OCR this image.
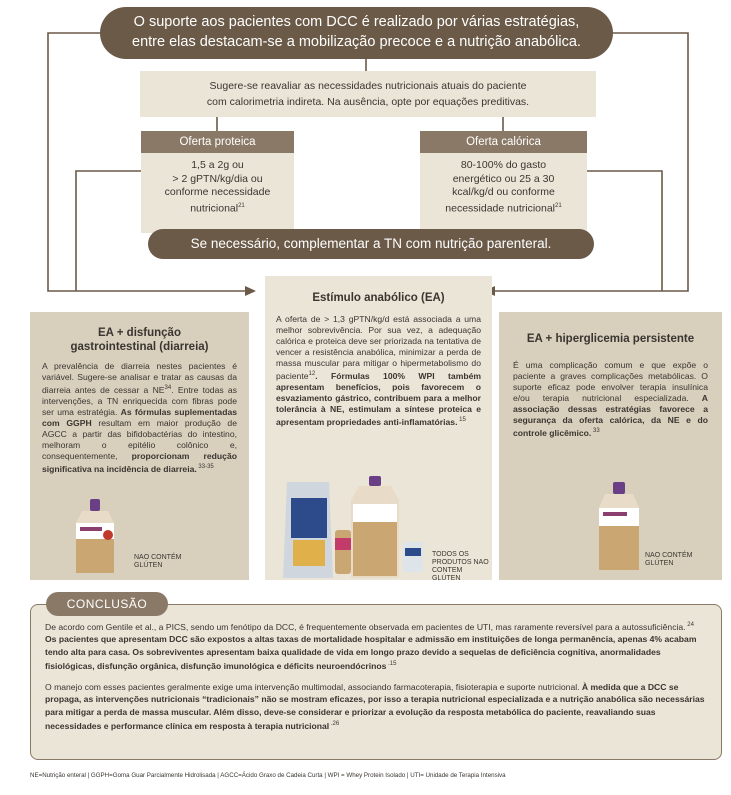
O suporte aos pacientes com DCC é realizado por várias estratégias,
entre elas destacam-se a mobilização precoce e a nutrição anabólica.
Sugere-se reavaliar as necessidades nutricionais atuais do paciente
com calorimetria indireta. Na ausência, opte por equações preditivas.
Oferta proteica
1,5 a 2g ou
> 2 gPTN/kg/dia ou
conforme necessidade
nutricional$^{21}$
Oferta calórica
80-100% do gasto
energético ou 25 a 30
kcal/kg/d ou conforme
necessidade nutricional$^{21}$
Se necessário, complementar a TN com nutrição parenteral.
EA + disfunção
gastrointestinal (diarreia)

A prevalência de diarreia nestes pacientes é variável. Sugere-se analisar e tratar as causas da diarreia antes de cessar a NE$^{34}$. Entre todas as intervenções, a TN enriquecida com fibras pode ser uma estratégia. As fórmulas suplementadas com GGPH resultam em maior produção de AGCC a partir das bifidobactérias do intestino, melhoram o epitélio colônico e, consequentemente, proporcionam redução significativa na incidência de diarreia. $^{33-35}$

NAO CONTÉM
GLÚTEN
Estímulo anabólico (EA)

A oferta de > 1,3 gPTN/kg/d está associada a uma melhor sobrevivência. Por sua vez, a adequação calórica e proteica deve ser priorizada na tentativa de vencer a resistência anabólica, minimizar a perda de massa muscular para mitigar o hipermetabolismo do paciente$^{12}$. Fórmulas 100% WPI também apresentam benefícios, pois favorecem o esvaziamento gástrico, contribuem para a melhor tolerância à NE, estimulam a síntese proteica e apresentam propriedades anti-inflamatórias. $^{15}$

TODOS OS
PRODUTOS NAO
CONTEM GLÚTEN
EA + hiperglicemia persistente

É uma complicação comum e que expõe o paciente a graves complicações metabólicas. O suporte eficaz pode envolver terapia insulínica e/ou terapia nutricional especializada. A associação dessas estratégias favorece a segurança da oferta calórica, da NE e do controle glicêmico. $^{33}$

NAO CONTÉM
GLÚTEN

De acordo com Gentile et al., a PICS, sendo um fenótipo da DCC, é frequentemente observada em pacientes de UTI, mas raramente reversível para a autossuficiência. $^{24}$ Os pacientes que apresentam DCC são expostos a altas taxas de mortalidade hospitalar e admissão em instituições de longa permanência, apenas 4% acabam tendo alta para casa. Os sobreviventes apresentam baixa qualidade de vida em longo prazo devido a sequelas de deficiência cognitiva, anormalidades fisiológicas, disfunção orgânica, disfunção imunológica e déficits neuroendócrinos $^{.15}$

O manejo com esses pacientes geralmente exige uma intervenção multimodal, associando farmacoterapia, fisioterapia e suporte nutricional. À medida que a DCC se propaga, as intervenções nutricionais “tradicionais” não se mostram eficazes, por isso a terapia nutricional especializada e a nutrição anabólica são necessárias para mitigar a perda de massa muscular. Além disso, deve-se considerar e priorizar a evolução da resposta metabólica do paciente, reavaliando suas necessidades e performance clínica em resposta à terapia nutricional $^{.26}$

CONCLUSÃO
NE=Nutrição enteral | GGPH=Goma Guar Parcialmente Hidrolisada | AGCC=Ácido Graxo de Cadeia Curta | WPI = Whey Protein Isolado | UTI= Unidade de Terapia Intensiva
